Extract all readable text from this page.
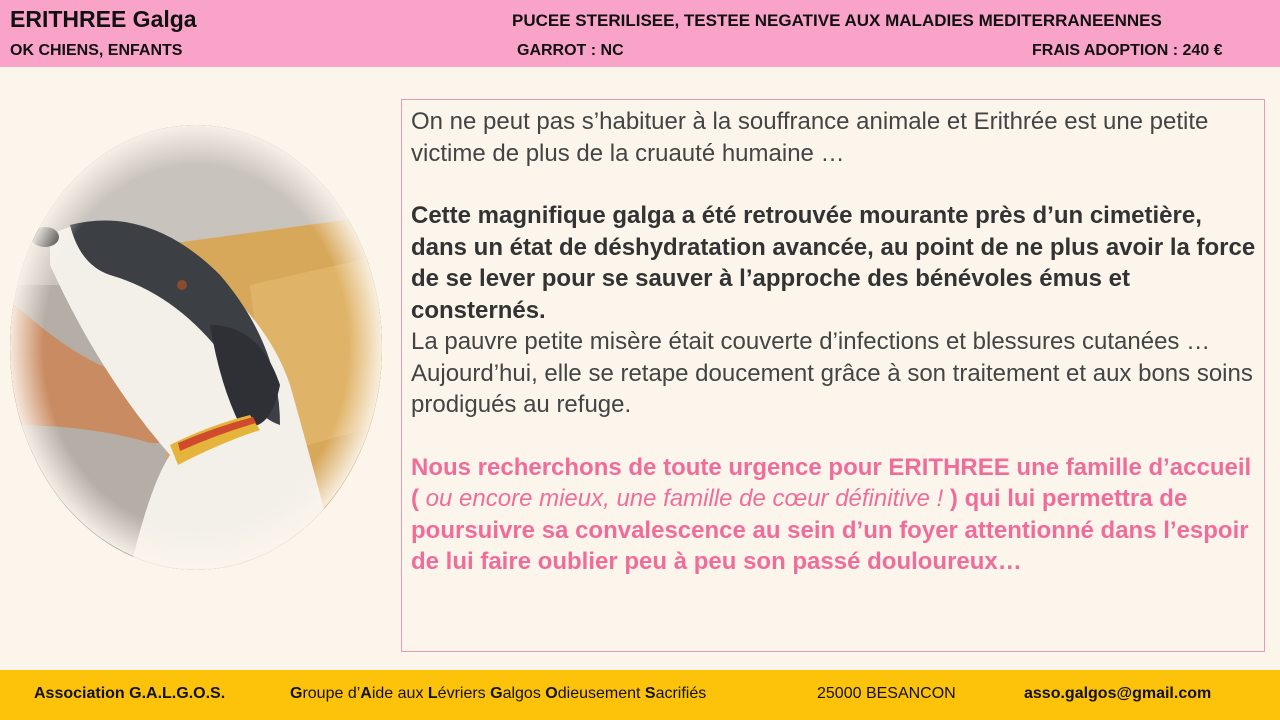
ERITHREE Galga
OK CHIENS, ENFANTS
PUCEE STERILISEE, TESTEE NEGATIVE AUX MALADIES MEDITERRANEENNES
GARROT : NC	FRAIS ADOPTION : 240 €

On ne peut pas s’habituer à la souffrance animale et Erithrée est une petite victime de plus de la cruauté humaine …

Cette magnifique galga a été retrouvée mourante près d’un cimetière, dans un état de déshydratation avancée, au point de ne plus avoir la force de se lever pour se sauver à l’approche des bénévoles émus et consternés.

La pauvre petite misère était couverte d’infections et blessures cutanées …

Aujourd’hui, elle se retape doucement grâce à son traitement et aux bons soins prodigués au refuge.

Nous recherchons de toute urgence pour ERITHREE une famille d’accueil ( ou encore mieux, une famille de cœur définitive ! ) qui lui permettra de poursuivre sa convalescence au sein d’un foyer attentionné dans l’espoir de lui faire oublier peu à peu son passé douloureux…

Association G.A.L.G.O.S.	Groupe d’Aide aux Lévriers Galgos Odieusement Sacrifiés	25000 BESANCON	asso.galgos@gmail.com
